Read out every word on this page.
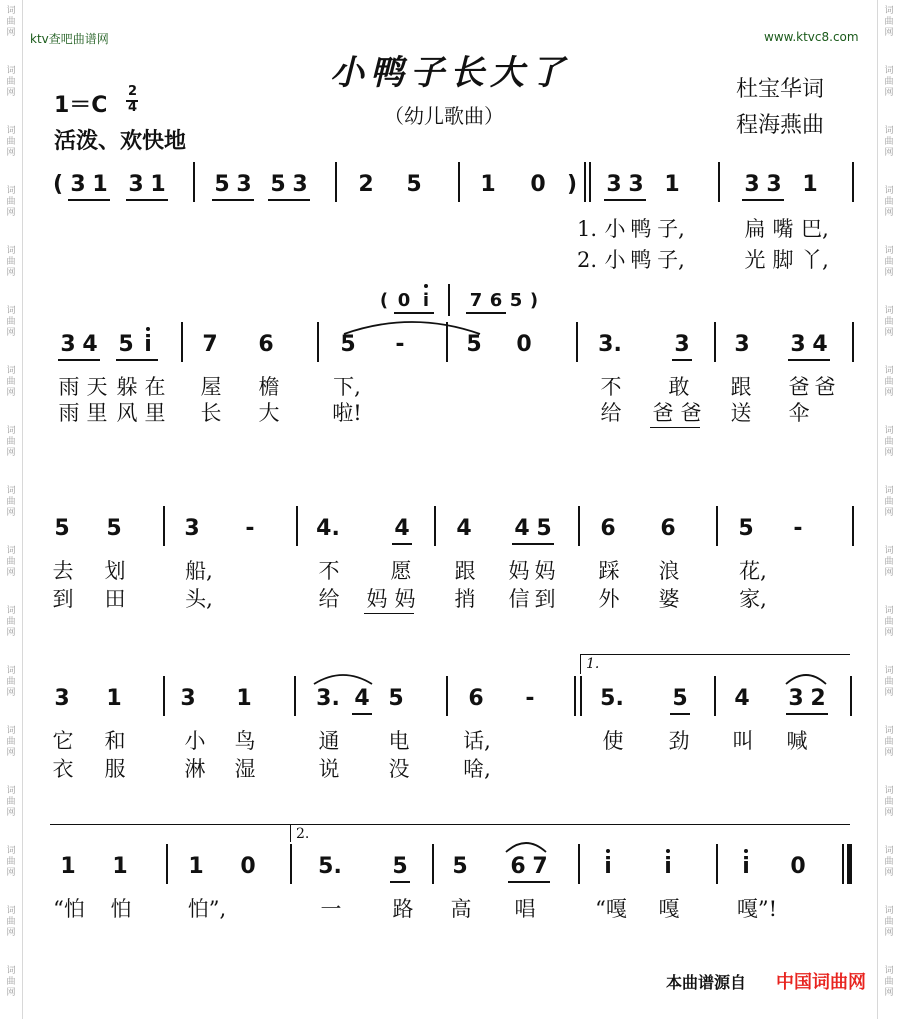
词
曲
网
词
曲
网
词
曲
网
词
曲
网
词
曲
网
词
曲
网
词
曲
网
词
曲
网
词
曲
网
词
曲
网
词
曲
网
词
曲
网
词
曲
网
词
曲
网
词
曲
网
词
曲
网
词
曲
网
词
曲
网
词
曲
网
词
曲
网
词
曲
网
词
曲
网
词
曲
网
词
曲
网
词
曲
网
词
曲
网
词
曲
网
词
曲
网
词
曲
网
词
曲
网
词
曲
网
词
曲
网
词
曲
网
词
曲
网
ktv查吧曲谱网	www.ktvc8.com
小鸭子长大了
（幼儿歌曲）
1＝C
2
4
活泼、欢快地
杜宝华词
程海燕曲
( 3 1 3 1 5 3 5 3 2 5	1 0 )	3 3 1	3 3 1
1. 小 鸭 子,	扁 嘴 巴,
2. 小 鸭 子,	光 脚 丫,
( 0 i	7 6 5 )
3 4 5 i	7 6	5	-	5 0	3. 3 3 3 4
雨 天 躲 在 屋 檐	下,	不 敢 跟 爸 爸
雨 里 风 里 长 大	啦!	给 爸 爸 送 伞
5 5	3	-	4. 4 4 4 5 6 6	5	-
去 划	船,	不 愿 跟 妈 妈 踩 浪	花,
到 田	头,	给 妈 妈 捎 信 到 外 婆	家,
1.
3 1	3 1	3. 4 5	6	-	5. 5 4 3 2
它 和	小 鸟	通 电	话,	使 劲 叫 喊
衣 服	淋 湿	说 没	啥,
2.
1 1	1 0	5. 5 5 6 7	i	i	i	0
“怕	怕	怕”,	一 路 高 唱	“嘎	嘎	嘎”!
本曲谱源自 中国词曲网
